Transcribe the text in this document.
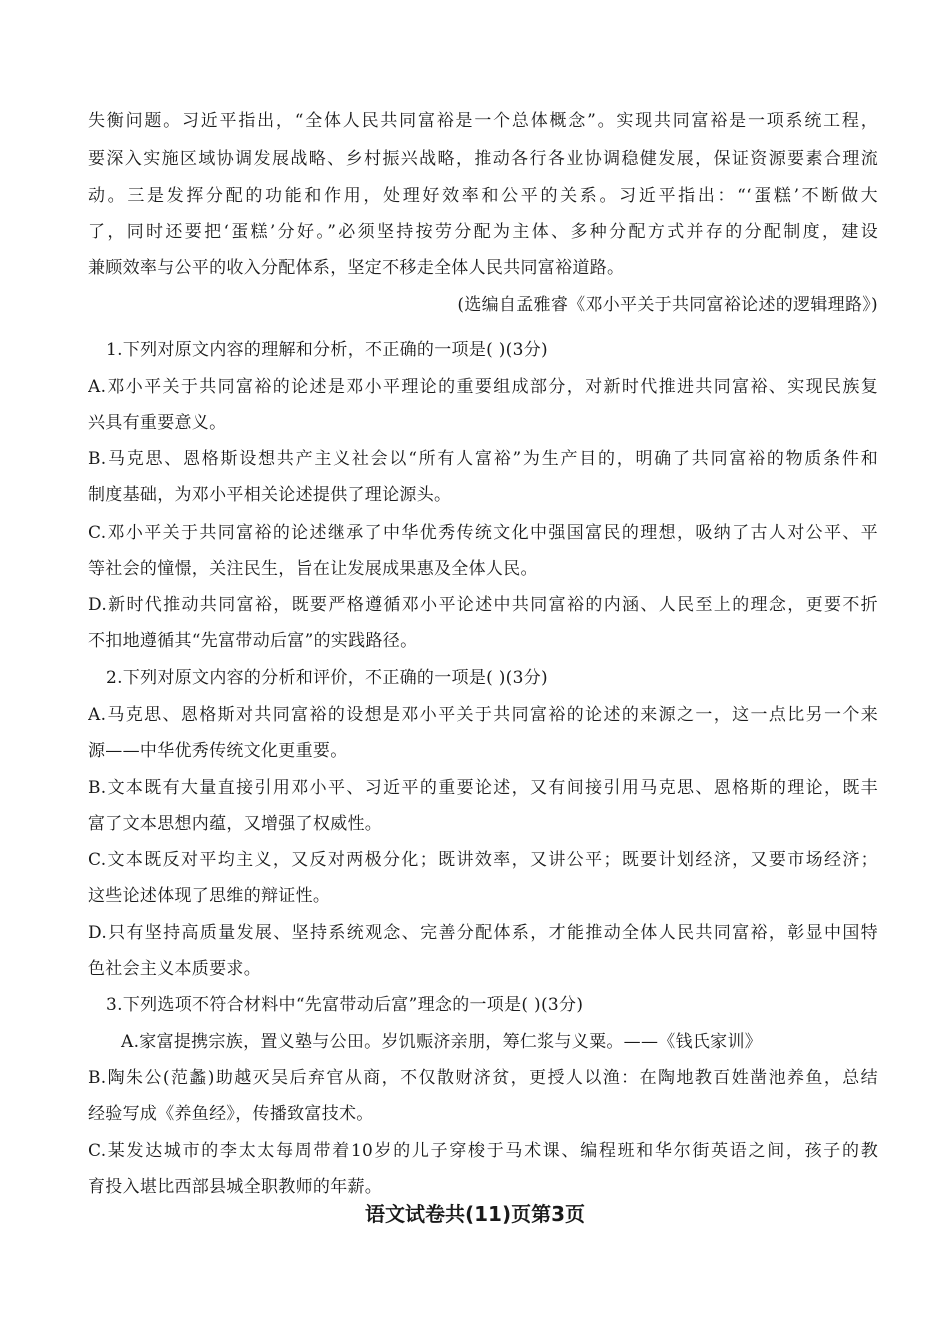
失衡问题。习近平指出，“全体人民共同富裕是一个总体概念”。实现共同富裕是一项系统工程，
要深入实施区域协调发展战略、乡村振兴战略，推动各行各业协调稳健发展，保证资源要素合理流
动。三是发挥分配的功能和作用，处理好效率和公平的关系。习近平指出：“‘蛋糕’不断做大
了，同时还要把‘蛋糕’分好。”必须坚持按劳分配为主体、多种分配方式并存的分配制度，建设
兼顾效率与公平的收入分配体系，坚定不移走全体人民共同富裕道路。
(选编自孟雅睿《邓小平关于共同富裕论述的逻辑理路》)
1.下列对原文内容的理解和分析，不正确的一项是( )(3分)
A.邓小平关于共同富裕的论述是邓小平理论的重要组成部分，对新时代推进共同富裕、实现民族复
兴具有重要意义。
B.马克思、恩格斯设想共产主义社会以“所有人富裕”为生产目的，明确了共同富裕的物质条件和
制度基础，为邓小平相关论述提供了理论源头。
C.邓小平关于共同富裕的论述继承了中华优秀传统文化中强国富民的理想，吸纳了古人对公平、平
等社会的憧憬，关注民生，旨在让发展成果惠及全体人民。
D.新时代推动共同富裕，既要严格遵循邓小平论述中共同富裕的内涵、人民至上的理念，更要不折
不扣地遵循其“先富带动后富”的实践路径。
2.下列对原文内容的分析和评价，不正确的一项是( )(3分)
A.马克思、恩格斯对共同富裕的设想是邓小平关于共同富裕的论述的来源之一，这一点比另一个来
源——中华优秀传统文化更重要。
B.文本既有大量直接引用邓小平、习近平的重要论述，又有间接引用马克思、恩格斯的理论，既丰
富了文本思想内蕴，又增强了权威性。
C.文本既反对平均主义，又反对两极分化；既讲效率，又讲公平；既要计划经济，又要市场经济；
这些论述体现了思维的辩证性。
D.只有坚持高质量发展、坚持系统观念、完善分配体系，才能推动全体人民共同富裕，彰显中国特
色社会主义本质要求。
3.下列选项不符合材料中“先富带动后富”理念的一项是( )(3分)
A.家富提携宗族，置义塾与公田。岁饥赈济亲朋，筹仁浆与义粟。——《钱氏家训》
B.陶朱公(范蠡)助越灭吴后弃官从商，不仅散财济贫，更授人以渔：在陶地教百姓凿池养鱼，总结
经验写成《养鱼经》，传播致富技术。
C.某发达城市的李太太每周带着10岁的儿子穿梭于马术课、编程班和华尔街英语之间，孩子的教
育投入堪比西部县城全职教师的年薪。
语文试卷共(11)页第3页
